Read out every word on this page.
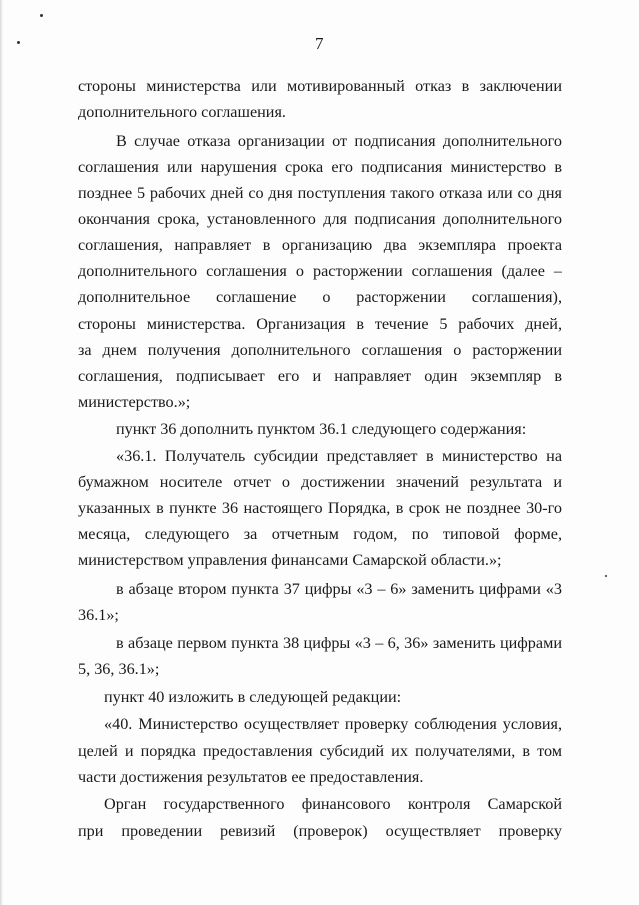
7
стороны министерства или мотивированный отказ в заключении
дополнительного соглашения.
В случае отказа организации от подписания дополнительного
соглашения или нарушения срока его подписания министерство в
позднее 5 рабочих дней со дня поступления такого отказа или со дня
окончания срока, установленного для подписания дополнительного
соглашения, направляет в организацию два экземпляра проекта
дополнительного соглашения о расторжении соглашения (далее –
дополнительное соглашение о расторжении соглашения),
стороны министерства. Организация в течение 5 рабочих дней,
за днем получения дополнительного соглашения о расторжении
соглашения, подписывает его и направляет один экземпляр в
министерство.»;
пункт 36 дополнить пунктом 36.1 следующего содержания:
«36.1. Получатель субсидии представляет в министерство на
бумажном носителе отчет о достижении значений результата и
указанных в пункте 36 настоящего Порядка, в срок не позднее 30-го
месяца, следующего за отчетным годом, по типовой форме,
министерством управления финансами Самарской области.»;
в абзаце втором пункта 37 цифры «3 – 6» заменить цифрами «3
36.1»;
в абзаце первом пункта 38 цифры «3 – 6, 36» заменить цифрами
5, 36, 36.1»;
пункт 40 изложить в следующей редакции:
«40. Министерство осуществляет проверку соблюдения условия,
целей и порядка предоставления субсидий их получателями, в том
части достижения результатов ее предоставления.
Орган государственного финансового контроля Самарской
при проведении ревизий (проверок) осуществляет проверку
